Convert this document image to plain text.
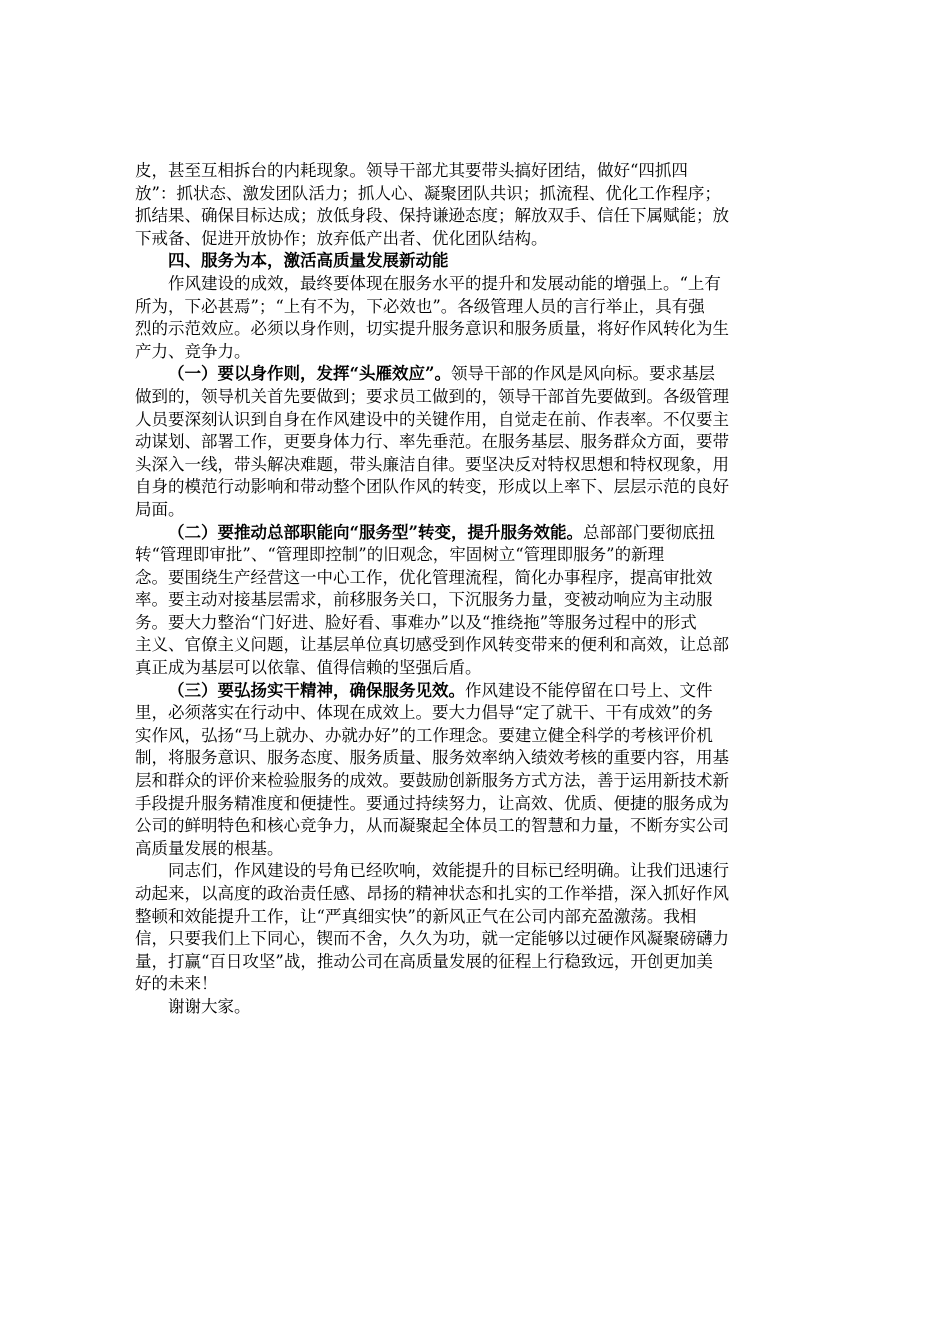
皮，甚至互相拆台的内耗现象。领导干部尤其要带头搞好团结，做好“四抓四
放”：抓状态、激发团队活力；抓人心、凝聚团队共识；抓流程、优化工作程序；
抓结果、确保目标达成；放低身段、保持谦逊态度；解放双手、信任下属赋能；放
下戒备、促进开放协作；放弃低产出者、优化团队结构。

四、服务为本，激活高质量发展新动能

作风建设的成效，最终要体现在服务水平的提升和发展动能的增强上。“上有
所为，下必甚焉”；“上有不为，下必效也”。各级管理人员的言行举止，具有强
烈的示范效应。必须以身作则，切实提升服务意识和服务质量，将好作风转化为生
产力、竞争力。

（一）要以身作则，发挥“头雁效应”。领导干部的作风是风向标。要求基层
做到的，领导机关首先要做到；要求员工做到的，领导干部首先要做到。各级管理
人员要深刻认识到自身在作风建设中的关键作用，自觉走在前、作表率。不仅要主
动谋划、部署工作，更要身体力行、率先垂范。在服务基层、服务群众方面，要带
头深入一线，带头解决难题，带头廉洁自律。要坚决反对特权思想和特权现象，用
自身的模范行动影响和带动整个团队作风的转变，形成以上率下、层层示范的良好
局面。

（二）要推动总部职能向“服务型”转变，提升服务效能。总部部门要彻底扭
转“管理即审批”、“管理即控制”的旧观念，牢固树立“管理即服务”的新理
念。要围绕生产经营这一中心工作，优化管理流程，简化办事程序，提高审批效
率。要主动对接基层需求，前移服务关口，下沉服务力量，变被动响应为主动服
务。要大力整治“门好进、脸好看、事难办”以及“推绕拖”等服务过程中的形式
主义、官僚主义问题，让基层单位真切感受到作风转变带来的便利和高效，让总部
真正成为基层可以依靠、值得信赖的坚强后盾。

（三）要弘扬实干精神，确保服务见效。作风建设不能停留在口号上、文件
里，必须落实在行动中、体现在成效上。要大力倡导“定了就干、干有成效”的务
实作风，弘扬“马上就办、办就办好”的工作理念。要建立健全科学的考核评价机
制，将服务意识、服务态度、服务质量、服务效率纳入绩效考核的重要内容，用基
层和群众的评价来检验服务的成效。要鼓励创新服务方式方法，善于运用新技术新
手段提升服务精准度和便捷性。要通过持续努力，让高效、优质、便捷的服务成为
公司的鲜明特色和核心竞争力，从而凝聚起全体员工的智慧和力量，不断夯实公司
高质量发展的根基。

同志们，作风建设的号角已经吹响，效能提升的目标已经明确。让我们迅速行
动起来，以高度的政治责任感、昂扬的精神状态和扎实的工作举措，深入抓好作风
整顿和效能提升工作，让“严真细实快”的新风正气在公司内部充盈激荡。我相
信，只要我们上下同心，锲而不舍，久久为功，就一定能够以过硬作风凝聚磅礴力
量，打赢“百日攻坚”战，推动公司在高质量发展的征程上行稳致远，开创更加美
好的未来！

谢谢大家。
